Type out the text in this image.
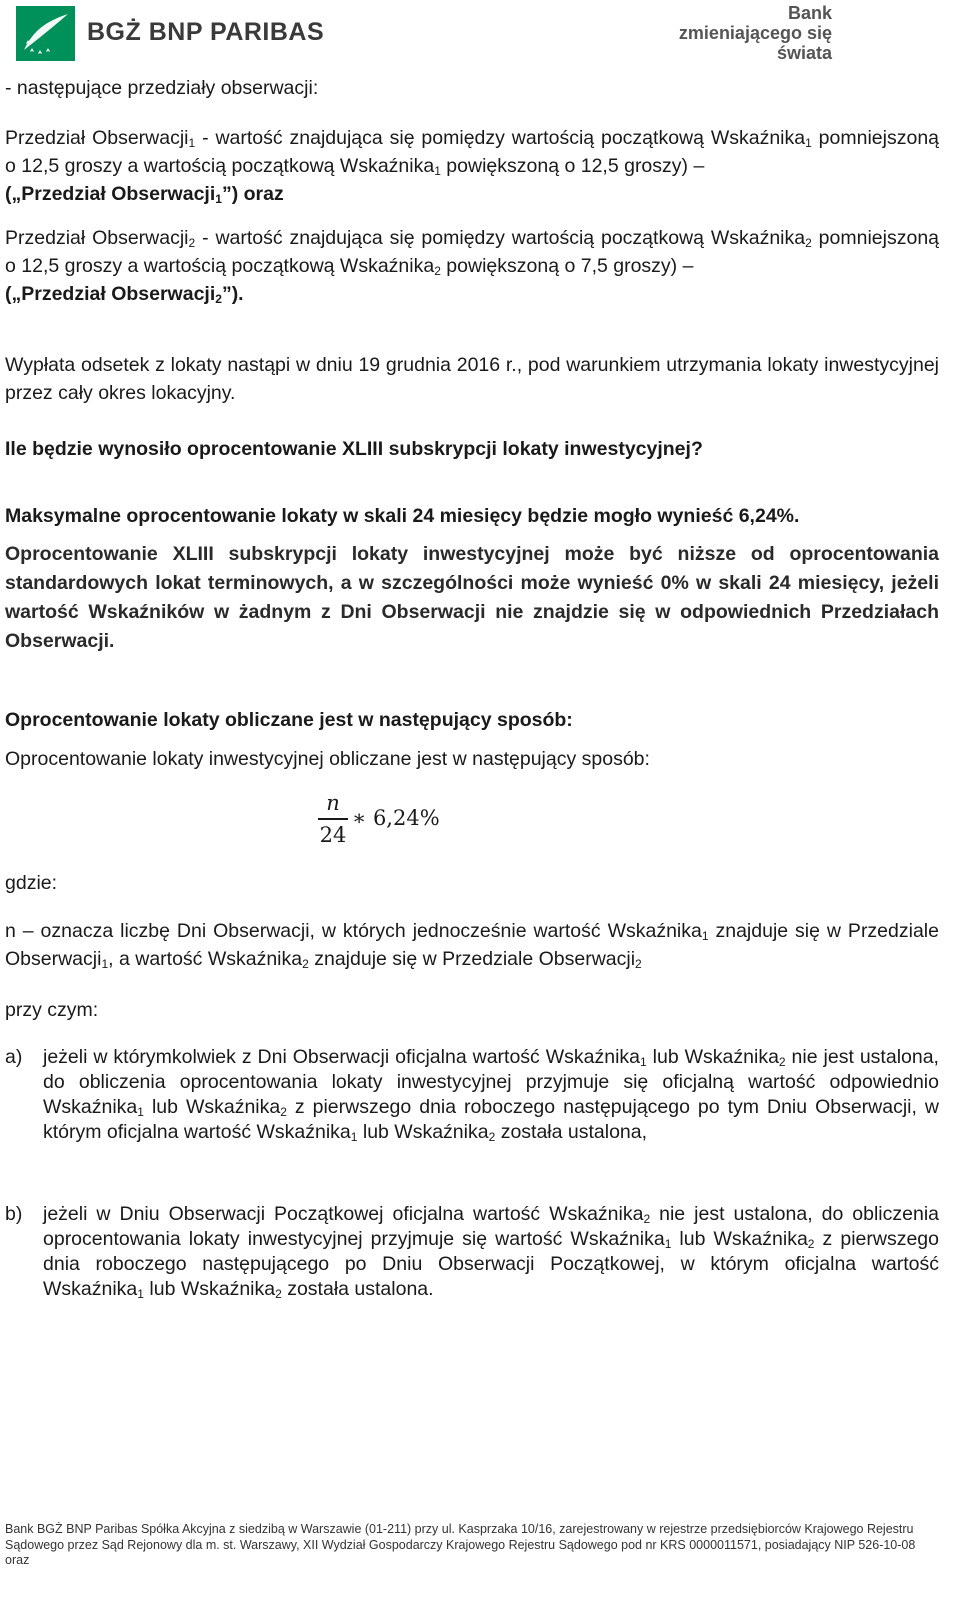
BGŻ BNP PARIBAS
Bank
zmieniającego się
świata

- następujące przedziały obserwacji:

Przedział Obserwacji$_1$ - wartość znajdująca się pomiędzy wartością początkową Wskaźnika$_1$ pomniejszoną o 12,5 groszy a wartością początkową Wskaźnika$_1$ powiększoną o 12,5 groszy) –
(„Przedział Obserwacji$_1$”) oraz

Przedział Obserwacji$_2$ - wartość znajdująca się pomiędzy wartością początkową Wskaźnika$_2$ pomniejszoną o 12,5 groszy a wartością początkową Wskaźnika$_2$ powiększoną o 7,5 groszy) –
(„Przedział Obserwacji$_2$”).

Wypłata odsetek z lokaty nastąpi w dniu 19 grudnia 2016 r., pod warunkiem utrzymania lokaty inwestycyjnej przez cały okres lokacyjny.

Ile będzie wynosiło oprocentowanie XLIII subskrypcji lokaty inwestycyjnej?

Maksymalne oprocentowanie lokaty w skali 24 miesięcy będzie mogło wynieść 6,24%.

Oprocentowanie XLIII subskrypcji lokaty inwestycyjnej może być niższe od oprocentowania standardowych lokat terminowych, a w szczególności może wynieść 0% w skali 24 miesięcy, jeżeli wartość Wskaźników w żadnym z Dni Obserwacji nie znajdzie się w odpowiednich Przedziałach Obserwacji.

Oprocentowanie lokaty obliczane jest w następujący sposób:

Oprocentowanie lokaty inwestycyjnej obliczane jest w następujący sposób:

n
24
∗ 6,24%

gdzie:

n – oznacza liczbę Dni Obserwacji, w których jednocześnie wartość Wskaźnika$_1$ znajduje się w Przedziale Obserwacji$_1$, a wartość Wskaźnika$_2$ znajduje się w Przedziale Obserwacji$_2$

przy czym:

a) jeżeli w którymkolwiek z Dni Obserwacji oficjalna wartość Wskaźnika$_1$ lub Wskaźnika$_2$ nie jest ustalona, do obliczenia oprocentowania lokaty inwestycyjnej przyjmuje się oficjalną wartość odpowiednio Wskaźnika$_1$ lub Wskaźnika$_2$ z pierwszego dnia roboczego następującego po tym Dniu Obserwacji, w którym oficjalna wartość Wskaźnika$_1$ lub Wskaźnika$_2$ została ustalona,
b) jeżeli w Dniu Obserwacji Początkowej oficjalna wartość Wskaźnika$_2$ nie jest ustalona, do obliczenia oprocentowania lokaty inwestycyjnej przyjmuje się wartość Wskaźnika$_1$ lub Wskaźnika$_2$ z pierwszego dnia roboczego następującego po Dniu Obserwacji Początkowej, w którym oficjalna wartość Wskaźnika$_1$ lub Wskaźnika$_2$ została ustalona.
Bank BGŻ BNP Paribas Spółka Akcyjna z siedzibą w Warszawie (01-211) przy ul. Kasprzaka 10/16, zarejestrowany w rejestrze przedsiębiorców Krajowego Rejestru Sądowego przez Sąd Rejonowy dla m. st. Warszawy, XII Wydział Gospodarczy Krajowego Rejestru Sądowego pod nr KRS 0000011571, posiadający NIP 526-10-08 oraz
